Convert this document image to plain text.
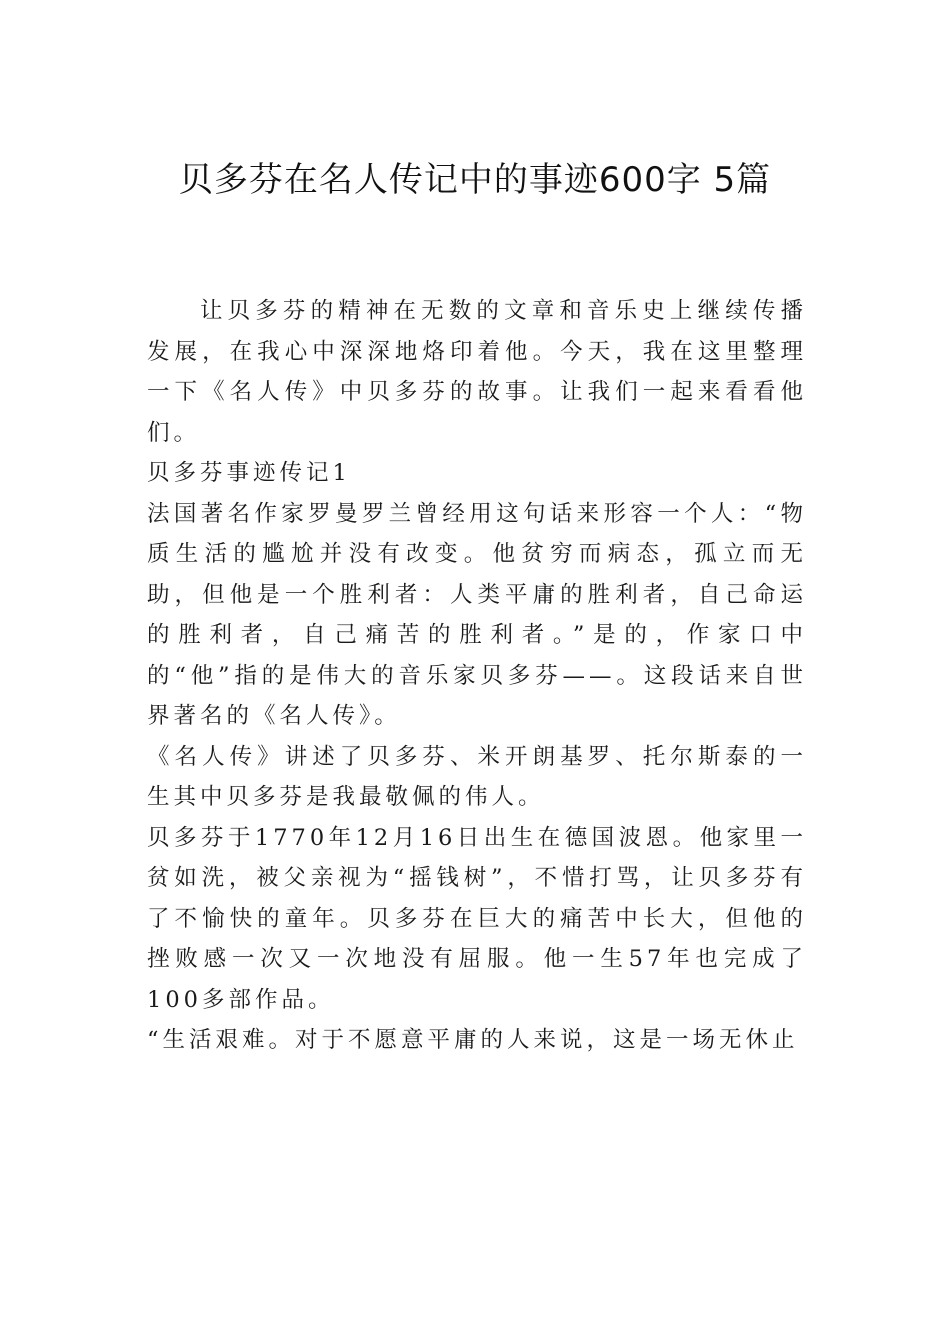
贝多芬在名人传记中的事迹600字 5篇

让贝多芬的精神在无数的文章和音乐史上继续传播发展，在我心中深深地烙印着他。今天，我在这里整理一下《名人传》中贝多芬的故事。让我们一起来看看他们。

贝多芬事迹传记1

法国著名作家罗曼罗兰曾经用这句话来形容一个人：“物质生活的尴尬并没有改变。他贫穷而病态，孤立而无助，但他是一个胜利者：人类平庸的胜利者，自己命运的胜利者，自己痛苦的胜利者。”是的，作家口中的“他”指的是伟大的音乐家贝多芬——。这段话来自世界著名的《名人传》。

《名人传》讲述了贝多芬、米开朗基罗、托尔斯泰的一生其中贝多芬是我最敬佩的伟人。

贝多芬于1770年12月16日出生在德国波恩。他家里一贫如洗，被父亲视为“摇钱树”，不惜打骂，让贝多芬有了不愉快的童年。贝多芬在巨大的痛苦中长大，但他的挫败感一次又一次地没有屈服。他一生57年也完成了100多部作品。

“生活艰难。对于不愿意平庸的人来说，这是一场无休止
